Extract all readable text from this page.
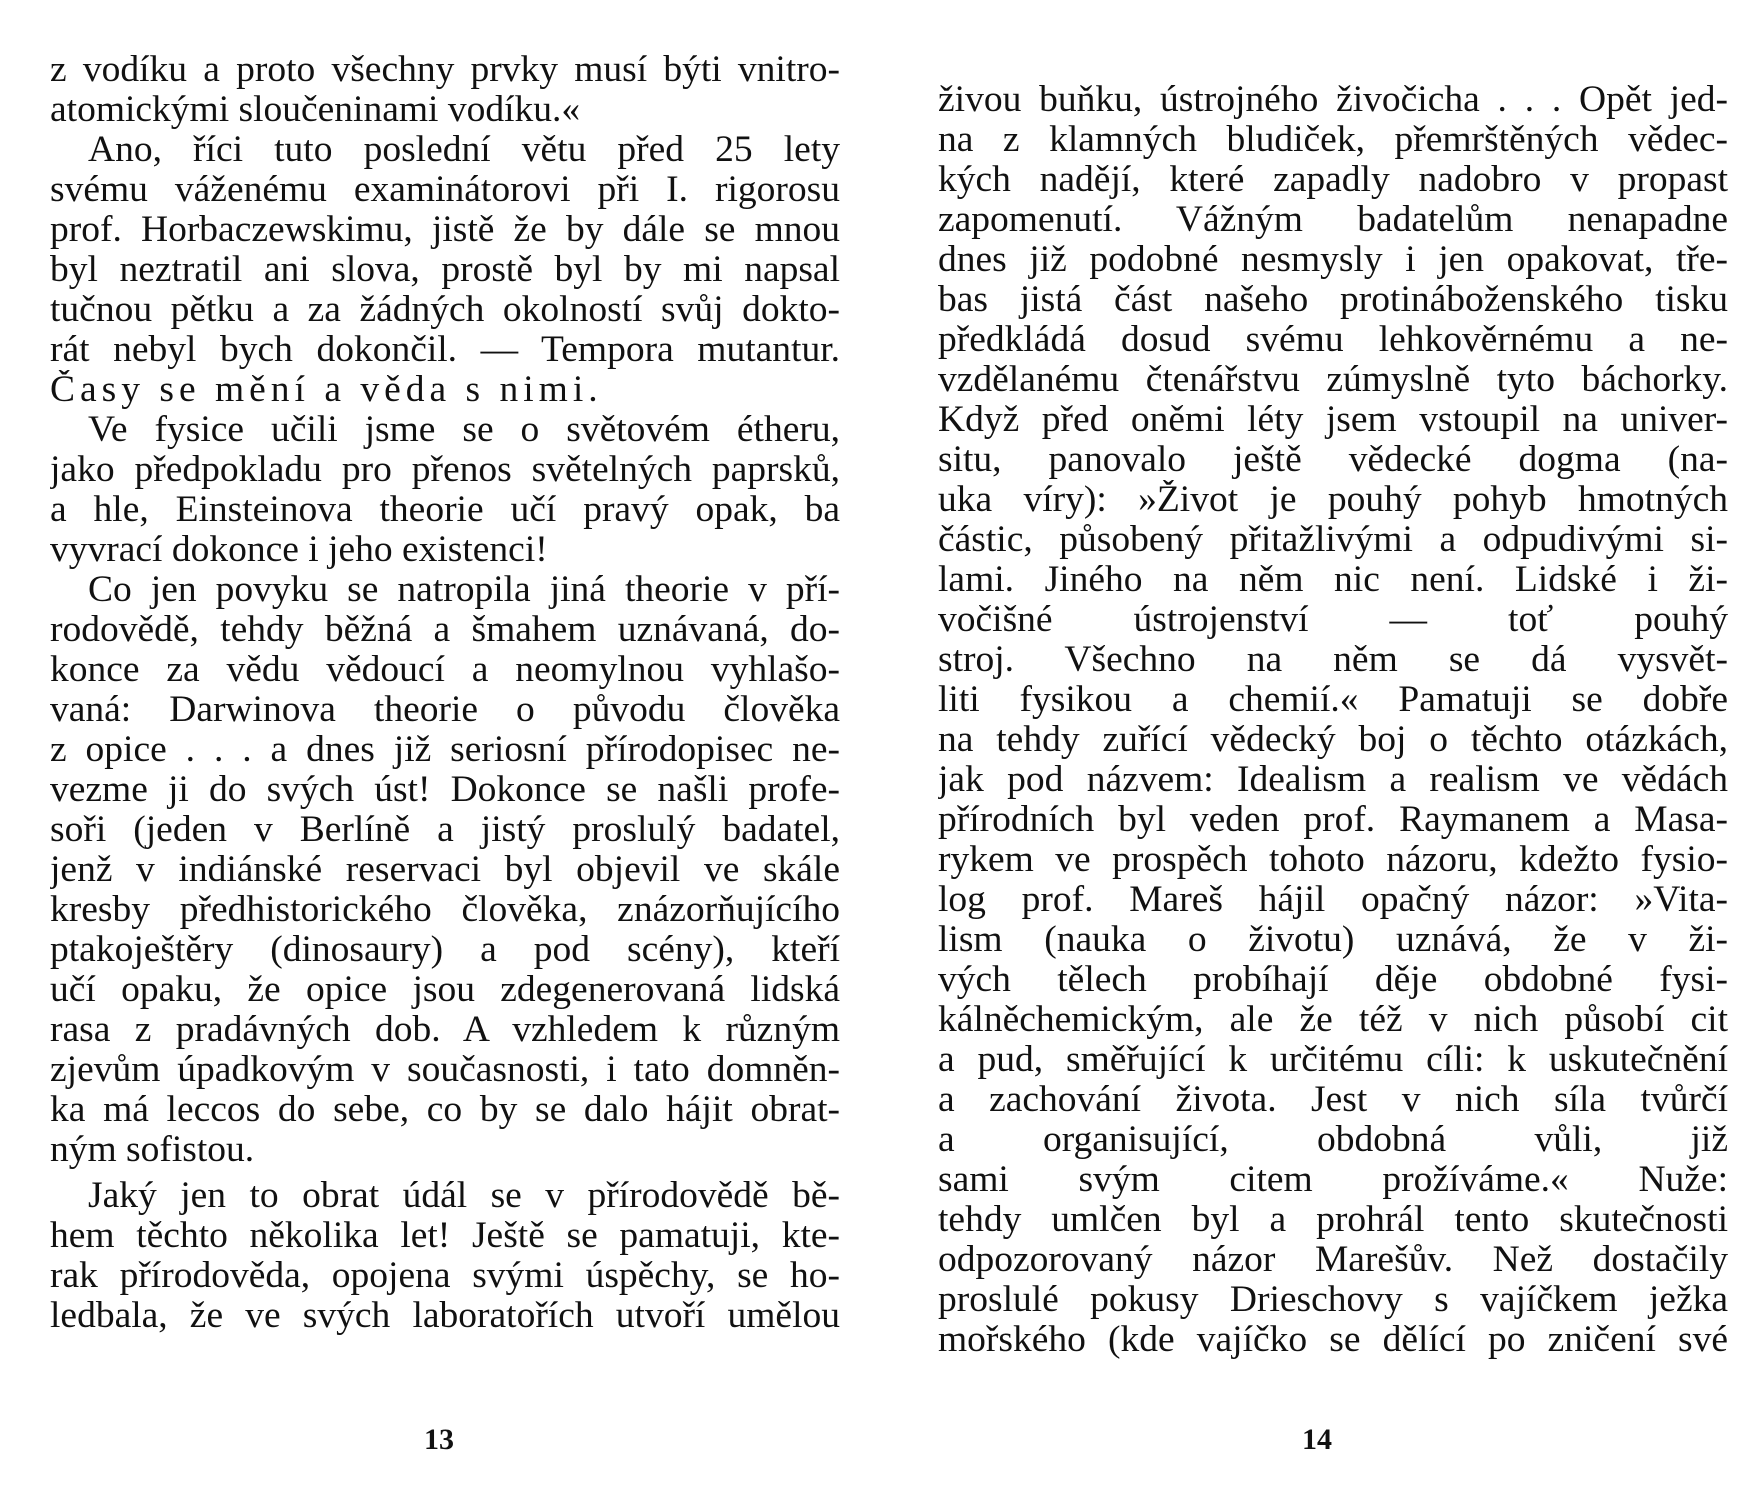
z vodíku a proto všechny prvky musí býti vnitro-
atomickými sloučeninami vodíku.«
Ano, říci tuto poslední větu před 25 lety
svému váženému examinátorovi při I. rigorosu
prof. Horbaczewskimu, jistě že by dále se mnou
byl neztratil ani slova, prostě byl by mi napsal
tučnou pětku a za žádných okolností svůj dokto-
rát nebyl bych dokončil. — Tempora mutantur.
Časy se mění a věda s nimi.
Ve fysice učili jsme se o světovém étheru,
jako předpokladu pro přenos světelných paprsků,
a hle, Einsteinova theorie učí pravý opak, ba
vyvrací dokonce i jeho existenci!
Co jen povyku se natropila jiná theorie v pří-
rodovědě, tehdy běžná a šmahem uznávaná, do-
konce za vědu vědoucí a neomylnou vyhlašo-
vaná: Darwinova theorie o původu člověka
z opice . . . a dnes již seriosní přírodopisec ne-
vezme ji do svých úst! Dokonce se našli profe-
soři (jeden v Berlíně a jistý proslulý badatel,
jenž v indiánské reservaci byl objevil ve skále
kresby předhistorického člověka, znázorňujícího
ptakoještěry (dinosaury) a pod scény), kteří
učí opaku, že opice jsou zdegenerovaná lidská
rasa z pradávných dob. A vzhledem k různým
zjevům úpadkovým v současnosti, i tato domněn-
ka má leccos do sebe, co by se dalo hájit obrat-
ným sofistou.
Jaký jen to obrat údál se v přírodovědě bě-
hem těchto několika let! Ještě se pamatuji, kte-
rak přírodověda, opojena svými úspěchy, se ho-
ledbala, že ve svých laboratořích utvoří umělou
13
živou buňku, ústrojného živočicha . . . Opět jed-
na z klamných bludiček, přemrštěných vědec-
kých nadějí, které zapadly nadobro v propast
zapomenutí. Vážným badatelům nenapadne
dnes již podobné nesmysly i jen opakovat, tře-
bas jistá část našeho protináboženského tisku
předkládá dosud svému lehkověrnému a ne-
vzdělanému čtenářstvu zúmyslně tyto báchorky.
Když před oněmi léty jsem vstoupil na univer-
situ, panovalo ještě vědecké dogma (na-
uka víry): »Život je pouhý pohyb hmotných
částic, působený přitažlivými a odpudivými si-
lami. Jiného na něm nic není. Lidské i ži-
vočišné ústrojenství — toť pouhý
stroj. Všechno na něm se dá vysvět-
liti fysikou a chemií.« Pamatuji se dobře
na tehdy zuřící vědecký boj o těchto otázkách,
jak pod názvem: Idealism a realism ve vědách
přírodních byl veden prof. Raymanem a Masa-
rykem ve prospěch tohoto názoru, kdežto fysio-
log prof. Mareš hájil opačný názor: »Vita-
lism (nauka o životu) uznává, že v ži-
vých tělech probíhají děje obdobné fysi-
kálněchemickým, ale že též v nich působí cit
a pud, směřující k určitému cíli: k uskutečnění
a zachování života. Jest v nich síla tvůrčí
a organisující, obdobná vůli, již
sami svým citem prožíváme.« Nuže:
tehdy umlčen byl a prohrál tento skutečnosti
odpozorovaný názor Marešův. Než dostačily
proslulé pokusy Drieschovy s vajíčkem ježka
mořského (kde vajíčko se dělící po zničení své
14
